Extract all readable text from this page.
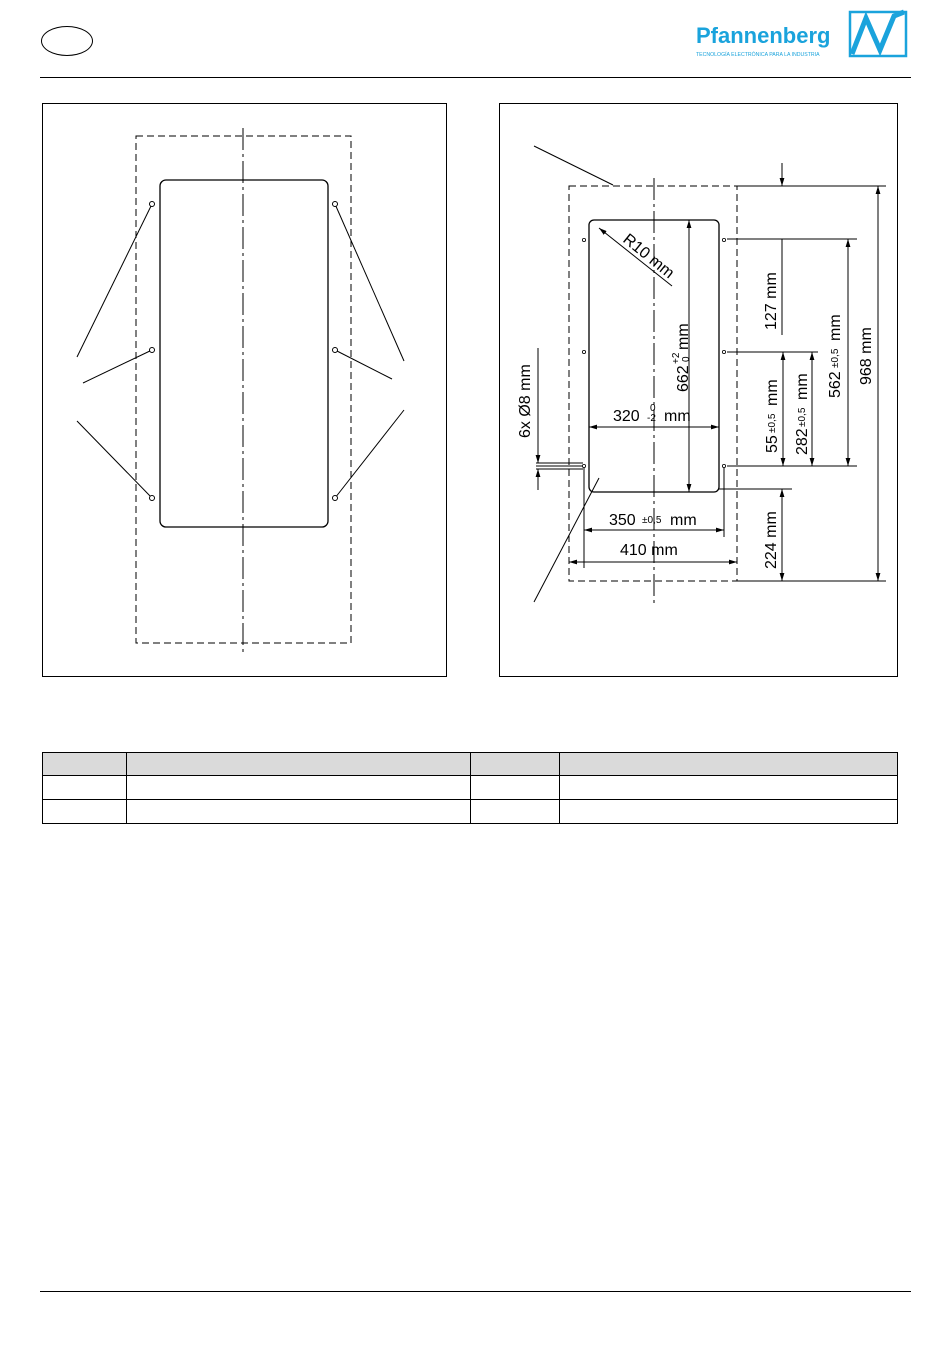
Pfannenberg
TECNOLOGÍA ELECTRÓNICA PARA LA INDUSTRIA
R10 mm
662
+2 0
mm
320 0
-2 mm
6x Ø8 mm
350 ±0,5 mm
410 mm
127 mm
224 mm
55
±0,5
mm
282
±0,5
mm 562
±0,5
mm 968 mm
